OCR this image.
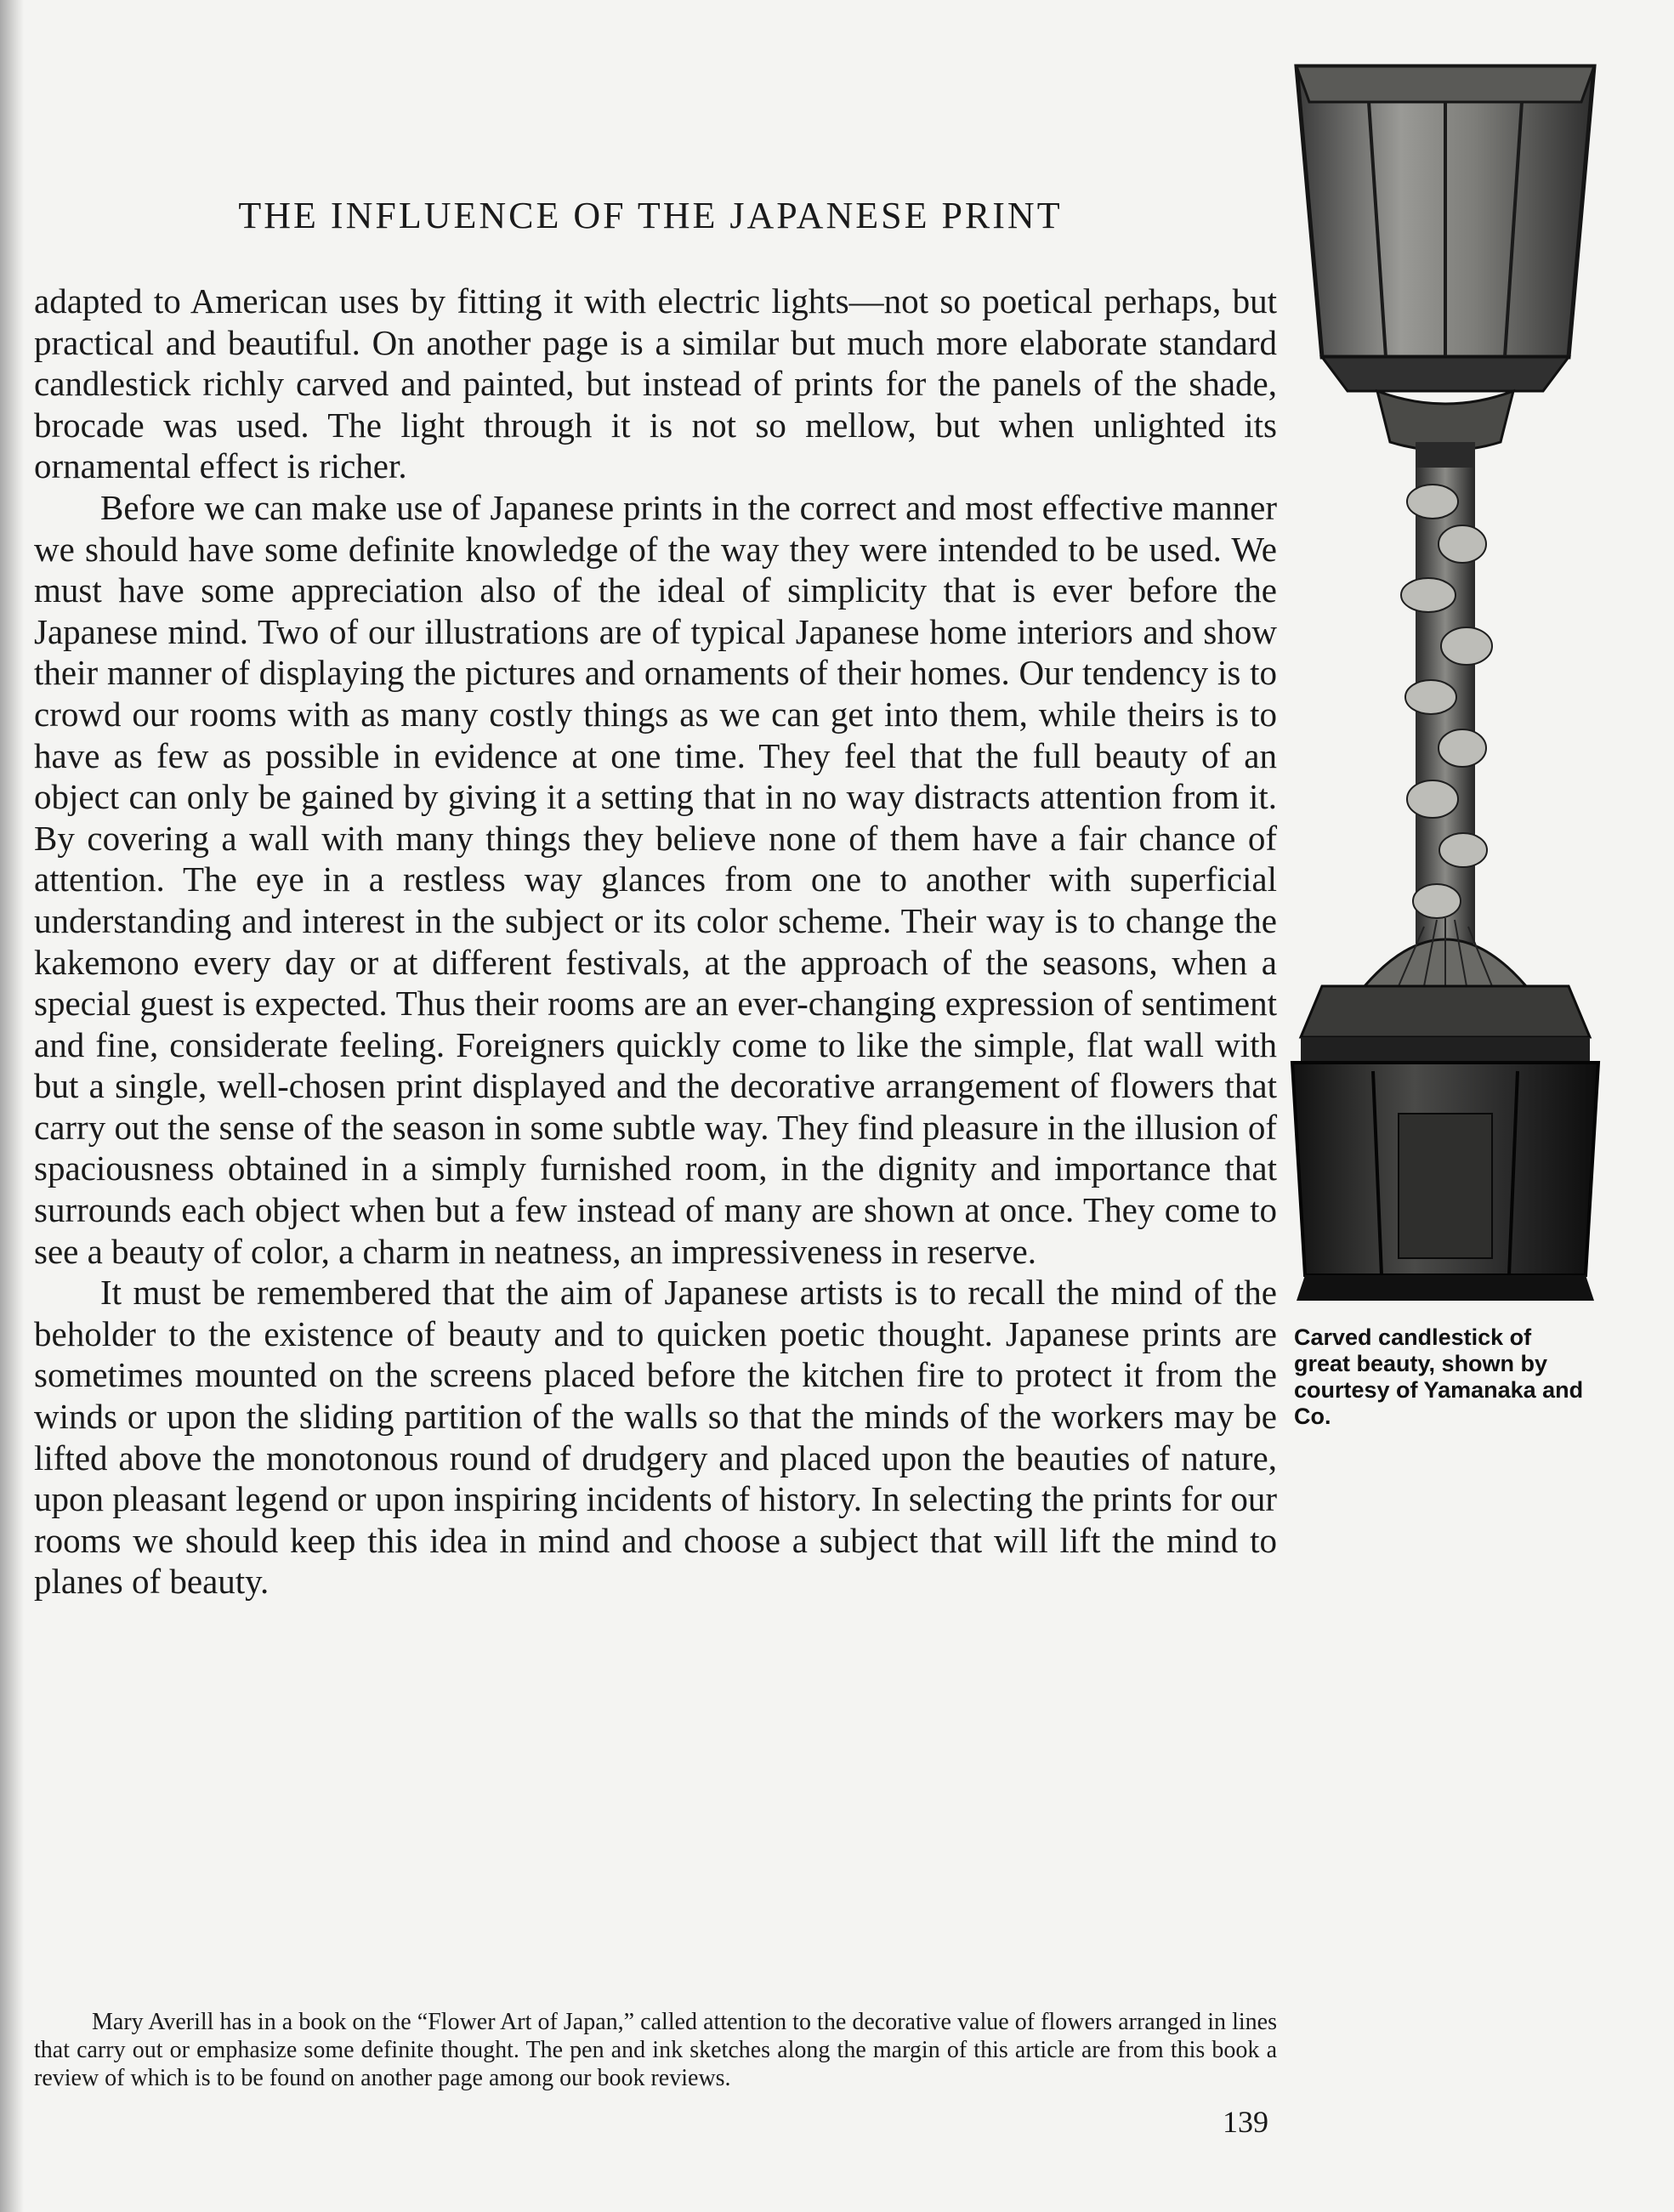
THE INFLUENCE OF THE JAPANESE PRINT

adapted to American uses by fitting it with electric lights—not so poetical perhaps, but practical and beautiful. On another page is a similar but much more elaborate standard candlestick richly carved and painted, but instead of prints for the panels of the shade, brocade was used. The light through it is not so mellow, but when unlighted its ornamental effect is richer.

Before we can make use of Japanese prints in the correct and most effective manner we should have some definite knowledge of the way they were intended to be used. We must have some appreciation also of the ideal of simplicity that is ever before the Japanese mind. Two of our illustrations are of typical Japanese home interiors and show their manner of displaying the pictures and ornaments of their homes. Our tendency is to crowd our rooms with as many costly things as we can get into them, while theirs is to have as few as possible in evidence at one time. They feel that the full beauty of an object can only be gained by giving it a setting that in no way distracts attention from it. By covering a wall with many things they believe none of them have a fair chance of attention. The eye in a restless way glances from one to another with superficial understanding and interest in the subject or its color scheme. Their way is to change the kakemono every day or at different festivals, at the approach of the seasons, when a special guest is expected. Thus their rooms are an ever-changing expression of sentiment and fine, considerate feeling. Foreigners quickly come to like the simple, flat wall with but a single, well-chosen print displayed and the decorative arrangement of flowers that carry out the sense of the season in some subtle way. They find pleasure in the illusion of spaciousness obtained in a simply furnished room, in the dignity and importance that surrounds each object when but a few instead of many are shown at once. They come to see a beauty of color, a charm in neatness, an impressiveness in reserve.

It must be remembered that the aim of Japanese artists is to recall the mind of the beholder to the existence of beauty and to quicken poetic thought. Japanese prints are sometimes mounted on the screens placed before the kitchen fire to protect it from the winds or upon the sliding partition of the walls so that the minds of the workers may be lifted above the monotonous round of drudgery and placed upon the beauties of nature, upon pleasant legend or upon inspiring incidents of history. In selecting the prints for our rooms we should keep this idea in mind and choose a subject that will lift the mind to planes of beauty.

Mary Averill has in a book on the “Flower Art of Japan,” called attention to the decorative value of flowers arranged in lines that carry out or emphasize some definite thought. The pen and ink sketches along the margin of this article are from this book a review of which is to be found on another page among our book reviews.

139

Carved candlestick of great beauty, shown by courtesy of Yamanaka and Co.
